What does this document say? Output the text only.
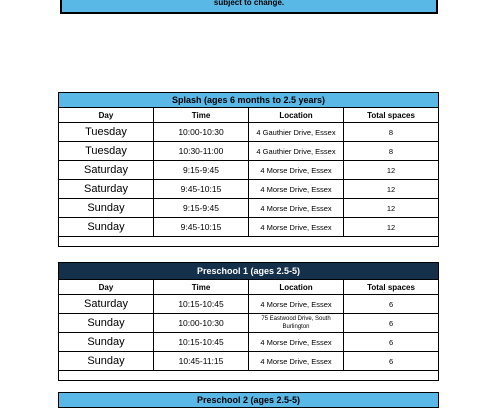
subject to change.
Splash (ages 6 months to 2.5 years)			
Day	Time	Location	Total spaces
Tuesday	10:00-10:30	4 Gauthier Drive, Essex	8
Tuesday	10:30-11:00	4 Gauthier Drive, Essex	8
Saturday	9:15-9:45	4 Morse Drive, Essex	12
Saturday	9:45-10:15	4 Morse Drive, Essex	12
Sunday	9:15-9:45	4 Morse Drive, Essex	12
Sunday	9:45-10:15	4 Morse Drive, Essex	12

Preschool 1 (ages 2.5-5)			
Day	Time	Location	Total spaces
Saturday	10:15-10:45	4 Morse Drive, Essex	6
Sunday	10:00-10:30	75 Eastwood Drive, South Burlington	6
Sunday	10:15-10:45	4 Morse Drive, Essex	6
Sunday	10:45-11:15	4 Morse Drive, Essex	6

Preschool 2 (ages 2.5-5)
